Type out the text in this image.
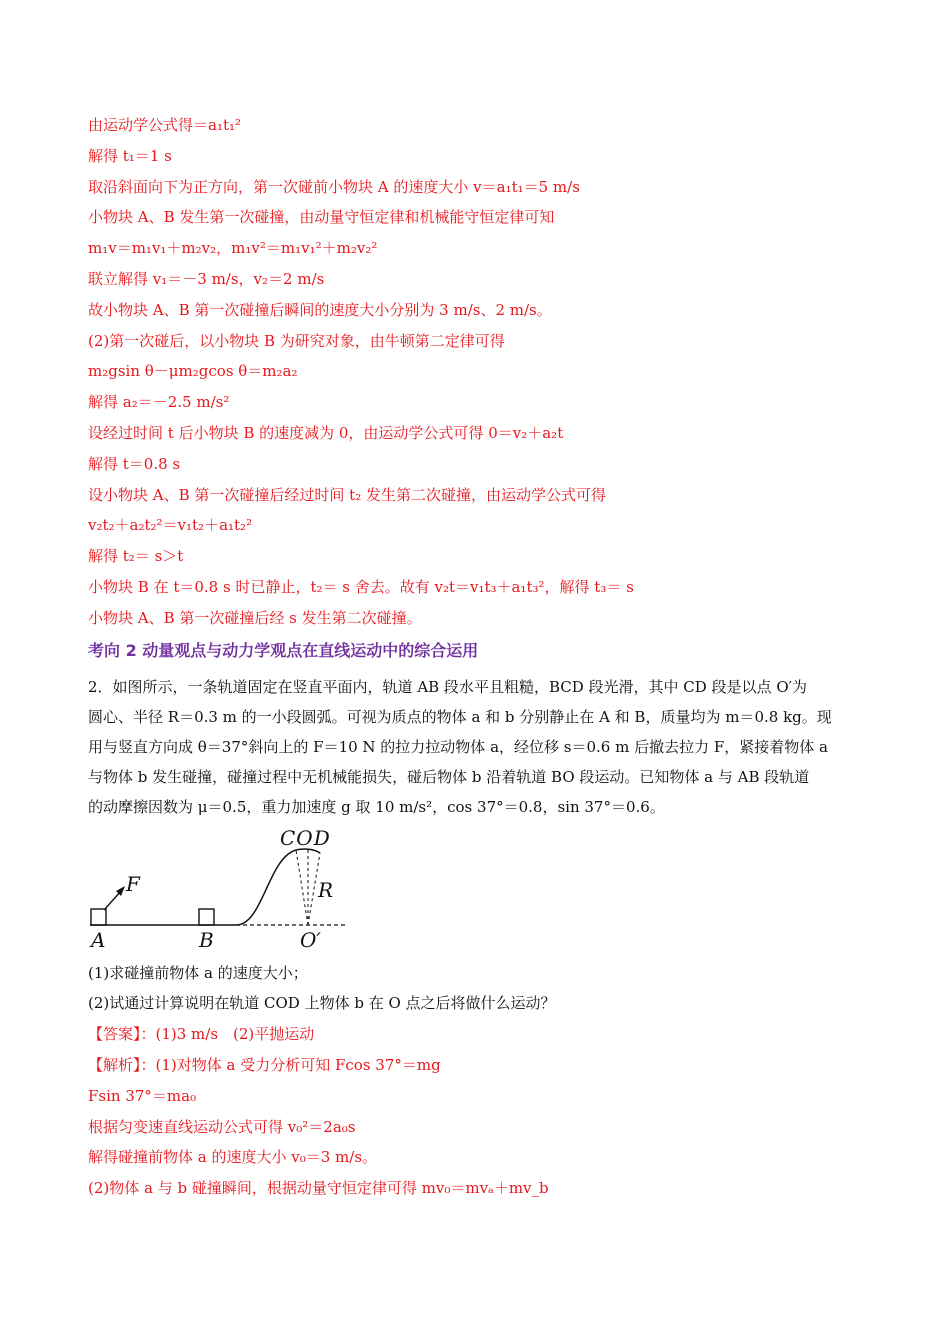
由运动学公式得＝a₁t₁²
解得 t₁＝1 s
取沿斜面向下为正方向，第一次碰前小物块 A 的速度大小 v＝a₁t₁＝5 m/s
小物块 A、B 发生第一次碰撞，由动量守恒定律和机械能守恒定律可知
m₁v＝m₁v₁＋m₂v₂，m₁v²＝m₁v₁²＋m₂v₂²
联立解得 v₁＝－3 m/s，v₂＝2 m/s
故小物块 A、B 第一次碰撞后瞬间的速度大小分别为 3 m/s、2 m/s。
(2)第一次碰后，以小物块 B 为研究对象，由牛顿第二定律可得
m₂gsin θ－μm₂gcos θ＝m₂a₂
解得 a₂＝－2.5 m/s²
设经过时间 t 后小物块 B 的速度减为 0，由运动学公式可得 0＝v₂＋a₂t
解得 t＝0.8 s
设小物块 A、B 第一次碰撞后经过时间 t₂ 发生第二次碰撞，由运动学公式可得
v₂t₂＋a₂t₂²＝v₁t₂＋a₁t₂²
解得 t₂＝ s＞t
小物块 B 在 t＝0.8 s 时已静止，t₂＝ s 舍去。故有 v₂t＝v₁t₃＋a₁t₃²，解得 t₃＝ s
小物块 A、B 第一次碰撞后经 s 发生第二次碰撞。
考向 2 动量观点与动力学观点在直线运动中的综合运用
2．如图所示，一条轨道固定在竖直平面内，轨道 AB 段水平且粗糙，BCD 段光滑，其中 CD 段是以点 O′为
圆心、半径 R＝0.3 m 的一小段圆弧。可视为质点的物体 a 和 b 分别静止在 A 和 B，质量均为 m＝0.8 kg。现
用与竖直方向成 θ＝37°斜向上的 F＝10 N 的拉力拉动物体 a，经位移 s＝0.6 m 后撤去拉力 F，紧接着物体 a
与物体 b 发生碰撞，碰撞过程中无机械能损失，碰后物体 b 沿着轨道 BO 段运动。已知物体 a 与 AB 段轨道
的动摩擦因数为 μ＝0.5，重力加速度 g 取 10 m/s²，cos 37°＝0.8，sin 37°＝0.6。
F
A	B
COD
R
O′
(1)求碰撞前物体 a 的速度大小；
(2)试通过计算说明在轨道 COD 上物体 b 在 O 点之后将做什么运动？
【答案】：(1)3 m/s　(2)平抛运动
【解析】：(1)对物体 a 受力分析可知 Fcos 37°＝mg
Fsin 37°＝ma₀
根据匀变速直线运动公式可得 v₀²＝2a₀s
解得碰撞前物体 a 的速度大小 v₀＝3 m/s。
(2)物体 a 与 b 碰撞瞬间，根据动量守恒定律可得 mv₀＝mvₐ＋mv_b
